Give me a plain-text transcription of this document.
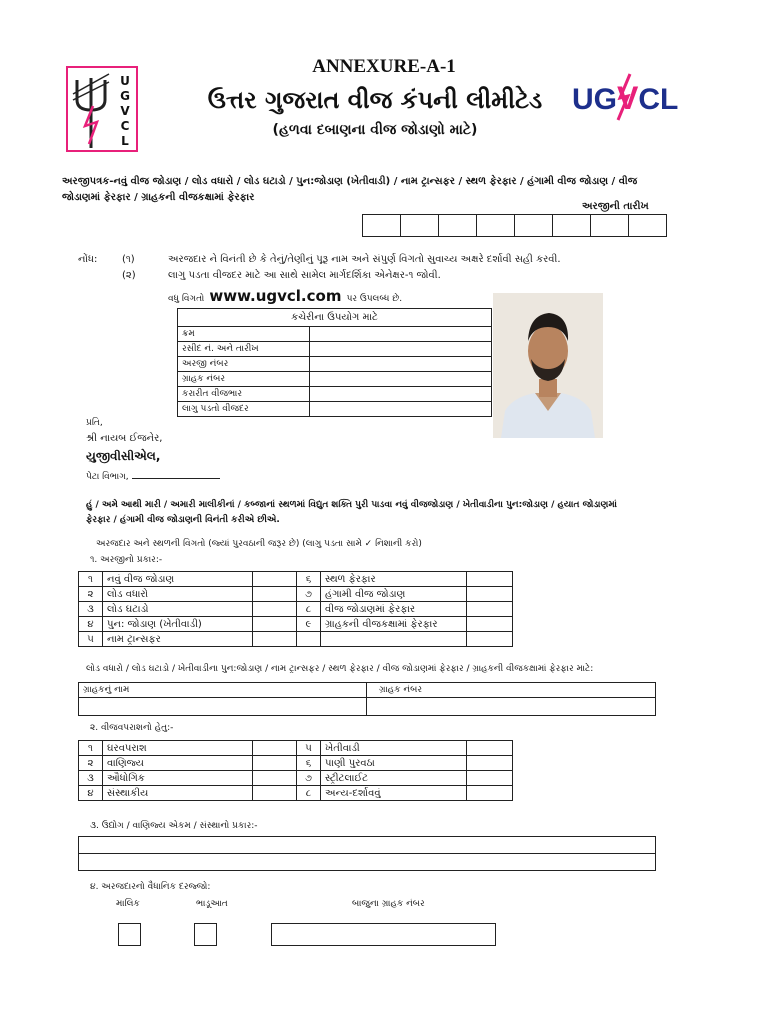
U
G
V
C
L
ANNEXURE-A-1
ઉત્તર ગુજરાત વીજ કંપની લીમીટેડ
(હળવા દબાણના વીજ જોડાણો માટે)
UGVCL
અરજીપત્રક-નવું વીજ જોડાણ / લોડ વધારો / લોડ ઘટાડો / પુન:જોડાણ (ખેતીવાડી) / નામ ટ્રાન્સફર / સ્થળ ફેરફાર / હંગામી વીજ જોડાણ / વીજ
જોડાણમાં ફેરફાર / ગ્રાહકની વીજકક્ષામાં ફેરફાર
અરજીની તારીખ

નોંધ: (૧)	અરજદાર ને વિનંતી છે કે તેનું/તેણીનું પૂરૂ નામ અને સંપુર્ણ વિગતો સુવાચ્ય અક્ષરે દર્શાવી સહી કરવી.
(૨)	લાગુ પડતા વીજદર માટે આ સાથે સામેલ માર્ગદર્શિકા એનેક્ષર-૧ જોવી.
વધુ વિગતો www.ugvcl.com પર ઉપલબ્ધ છે.
કચેરીના ઉપયોગ માટે	
ક્રમ	
રસીદ નં. અને તારીખ	
અરજી નંબર	
ગ્રાહક નંબર	
કરારીત વીજભાર	
લાગુ પડતો વીજદર	
પ્રતિ,
શ્રી નાયબ ઈજનેર,
યુજીવીસીએલ,
પેટા વિભાગ,
હું / અમે આથી મારી / અમારી માલીકીનાં / કબ્જાનાં સ્થળમાં વિદ્યુત શક્તિ પુરી પાડવા નવું વીજજોડાણ / ખેતીવાડીના પુન:જોડાણ / હયાત જોડાણમાં
ફેરફાર / હંગામી વીજ જોડાણની વિનંતી કરીએ છીએ.
અરજદાર અને સ્થળની વિગતો (જ્યાં પુરવઠાની જરૂર છે) (લાગુ પડતા સામે ✓ નિશાની કરો)
૧. અરજીનો પ્રકાર:-
૧	નવું વીજ જોડાણ		૬	સ્થળ ફેરફાર	
૨	લોડ વધારો		૭	હંગામી વીજ જોડાણ	
૩	લોડ ઘટાડો		૮	વીજ જોડાણમાં ફેરફાર	
૪	પુન: જોડાણ (ખેતીવાડી)		૯	ગ્રાહકની વીજકક્ષામાં ફેરફાર	
૫	નામ ટ્રાન્સફર				
લોડ વધારો / લોડ ઘટાડો / ખેતીવાડીના પુન:જોડાણ / નામ ટ્રાન્સફર / સ્થળ ફેરફાર / વીજ જોડાણમાં ફેરફાર / ગ્રાહકની વીજકક્ષામાં ફેરફાર માટે:
ગ્રાહકનું નામ	ગ્રાહક નંબર

૨. વીજવપરાશનો હેતુ:-
૧	ઘરવપરાશ		૫	ખેતીવાડી	
૨	વાણિજ્ય		૬	પાણી પુરવઠા	
૩	ઔધોગિક		૭	સ્ટ્રીટલાઈટ	
૪	સંસ્થાકીય		૮	અન્ય-દર્શાવવું	
૩. ઉદ્યોગ / વાણિજ્ય એકમ / સંસ્થાનો પ્રકાર:-

૪. અરજદારનો વૈધાનિક દરજ્જો:
માલિક	ભાડૂઆત	બાજુના ગ્રાહક નંબર
